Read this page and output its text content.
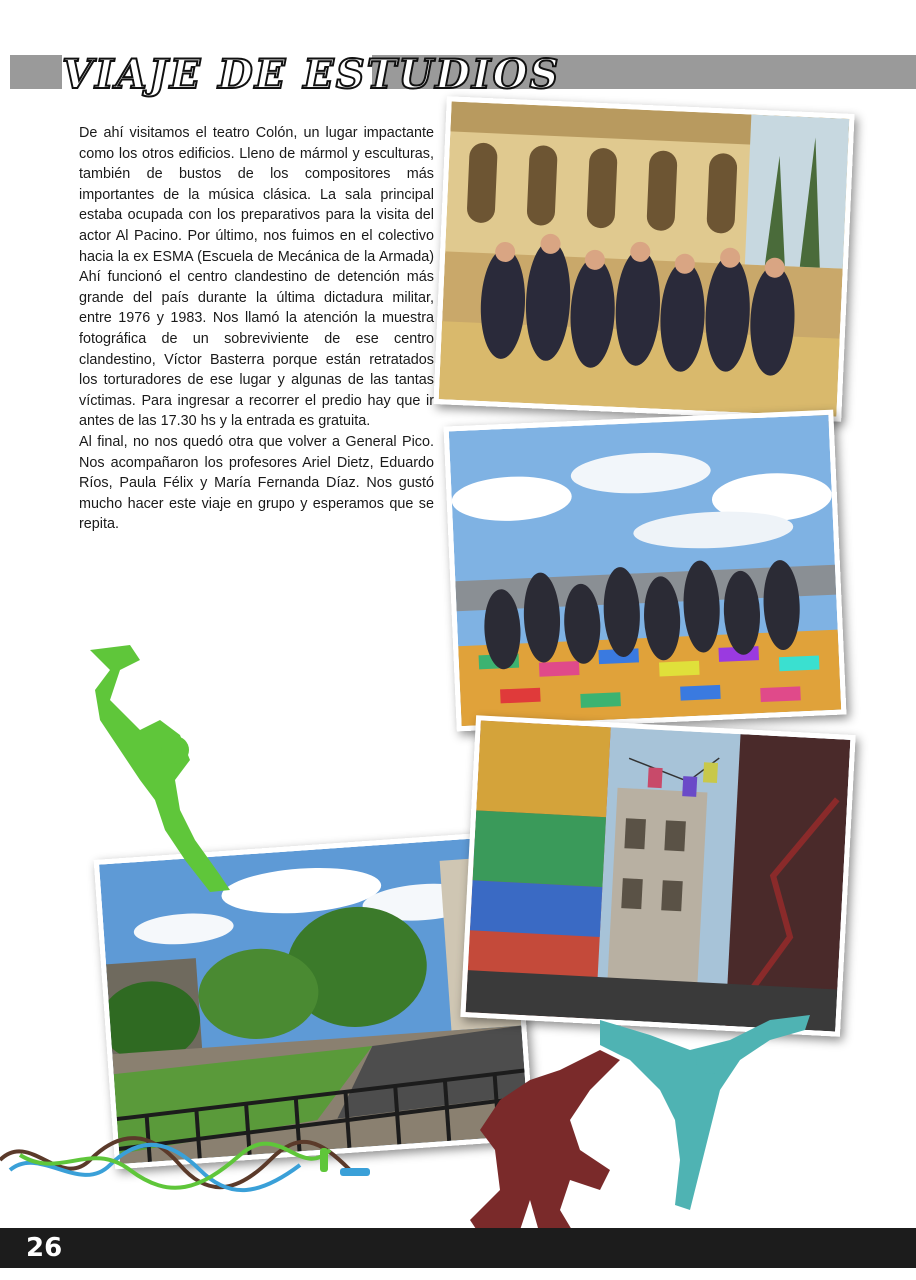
VIAJE DE ESTUDIOS

De ahí visitamos el teatro Colón, un lugar impactante como los otros edificios. Lleno de mármol y esculturas, también de bustos de los compositores más importantes de la música clásica. La sala principal estaba ocupada con los preparativos para la visita del actor Al Pacino. Por último, nos fuimos en el colectivo hacia la ex ESMA (Escuela de Mecánica de la Armada) Ahí funcionó el centro clandestino de detención más grande del país durante la última dictadura militar, entre 1976 y 1983. Nos llamó la atención la muestra fotográfica de un sobreviviente de ese centro clandestino, Víctor Basterra porque están retratados los torturadores de ese lugar y algunas de las tantas víctimas. Para ingresar a recorrer el predio hay que ir antes de las 17.30 hs y la entrada es gratuita.

Al final, no nos quedó otra que volver a General Pico. Nos acompañaron los profesores Ariel Dietz, Eduardo Ríos, Paula Félix y María Fernanda Díaz. Nos gustó mucho hacer este viaje en grupo y esperamos que se repita.

26
